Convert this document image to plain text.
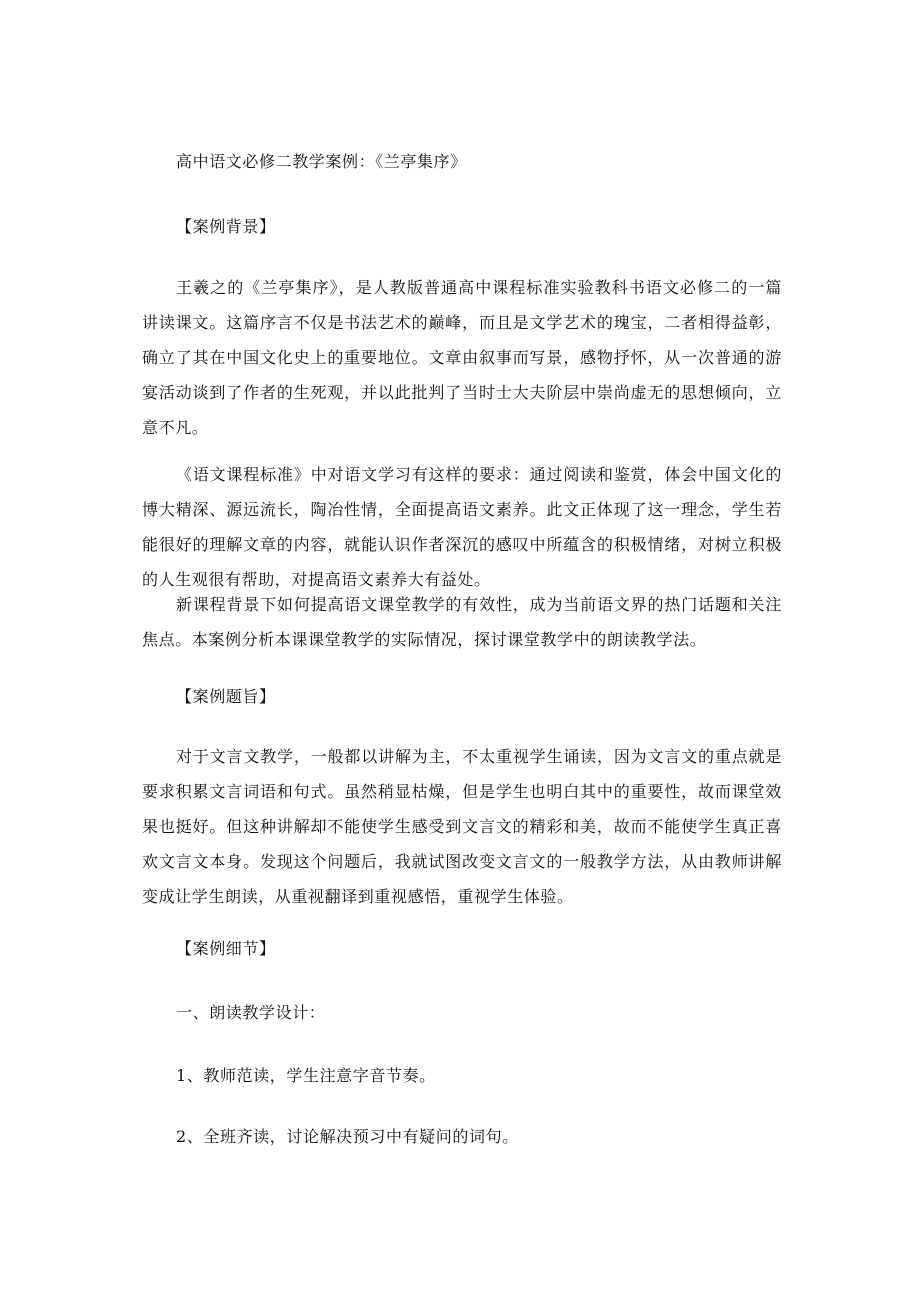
高中语文必修二教学案例：《兰亭集序》

【案例背景】

王羲之的《兰亭集序》，是人教版普通高中课程标准实验教科书语文必修二的一篇讲读课文。这篇序言不仅是书法艺术的巅峰，而且是文学艺术的瑰宝，二者相得益彰，确立了其在中国文化史上的重要地位。文章由叙事而写景，感物抒怀，从一次普通的游宴活动谈到了作者的生死观，并以此批判了当时士大夫阶层中崇尚虚无的思想倾向，立意不凡。

《语文课程标准》中对语文学习有这样的要求：通过阅读和鉴赏，体会中国文化的博大精深、源远流长，陶冶性情，全面提高语文素养。此文正体现了这一理念，学生若能很好的理解文章的内容，就能认识作者深沉的感叹中所蕴含的积极情绪，对树立积极的人生观很有帮助，对提高语文素养大有益处。

新课程背景下如何提高语文课堂教学的有效性，成为当前语文界的热门话题和关注焦点。本案例分析本课课堂教学的实际情况，探讨课堂教学中的朗读教学法。

【案例题旨】

对于文言文教学，一般都以讲解为主，不太重视学生诵读，因为文言文的重点就是要求积累文言词语和句式。虽然稍显枯燥，但是学生也明白其中的重要性，故而课堂效果也挺好。但这种讲解却不能使学生感受到文言文的精彩和美，故而不能使学生真正喜欢文言文本身。发现这个问题后，我就试图改变文言文的一般教学方法，从由教师讲解变成让学生朗读，从重视翻译到重视感悟，重视学生体验。

【案例细节】

一、朗读教学设计：

1、教师范读，学生注意字音节奏。

2、全班齐读，讨论解决预习中有疑问的词句。
